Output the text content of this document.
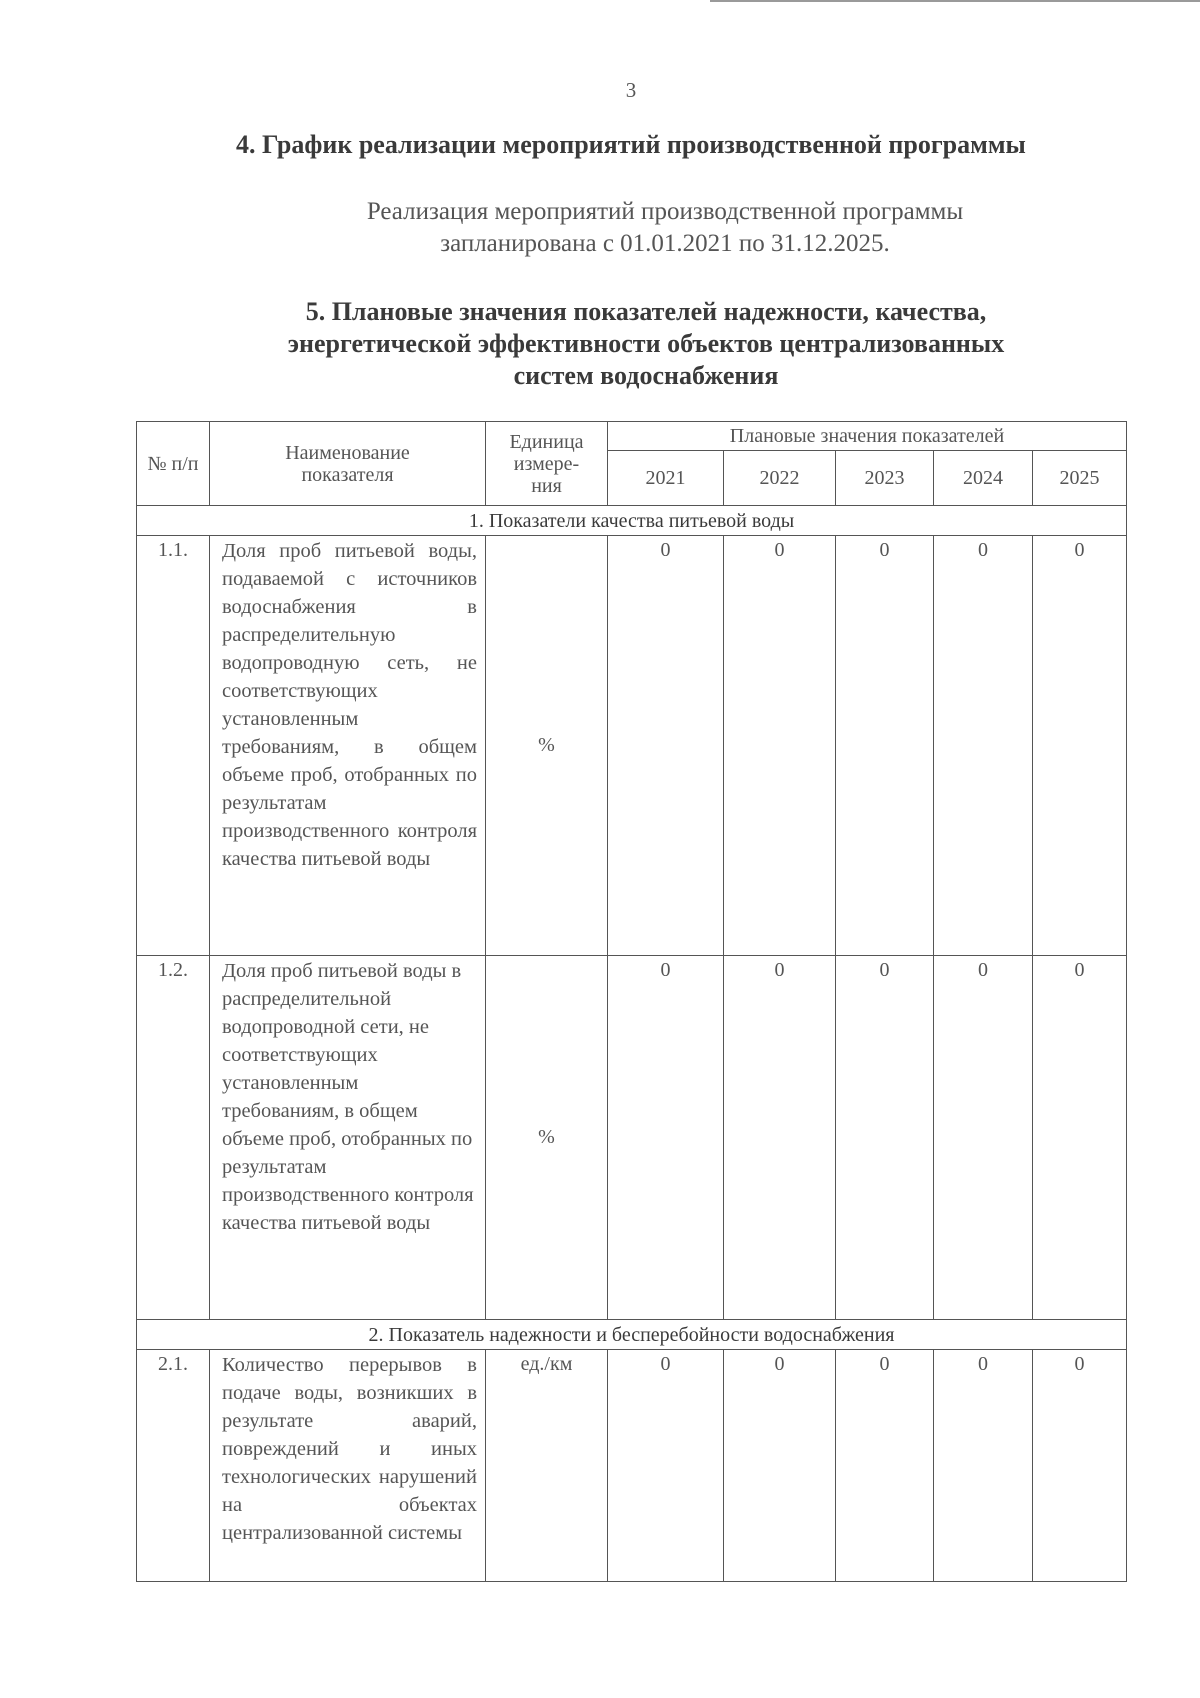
3
4. График реализации мероприятий производственной программы
Реализация мероприятий производственной программы
запланирована с 01.01.2021 по 31.12.2025.
5. Плановые значения показателей надежности, качества,
энергетической эффективности объектов централизованных
систем водоснабжения
№ п/п	Наименование показателя	Единица измере-ния	Плановые значения показателей				
			2021	2022	2023	2024	2025
1. Показатели качества питьевой воды							
1.1.	Доля проб питьевой воды, подаваемой с источников водоснабжения в распределительную водопроводную сеть, не соответствующих установленным требованиям, в общем объеме проб, отобранных по результатам производственного контроля качества питьевой воды	%	0	0	0	0	0
1.2.	Доля проб питьевой воды в распределительной водопроводной сети, не соответствующих установленным требованиям, в общем объеме проб, отобранных по результатам производственного контроля качества питьевой воды	%	0	0	0	0	0
2. Показатель надежности и бесперебойности водоснабжения							
2.1.	Количество перерывов в подаче воды, возникших в результате аварий, повреждений и иных технологических нарушений на объектах централизованной системы	ед./км	0	0	0	0	0
